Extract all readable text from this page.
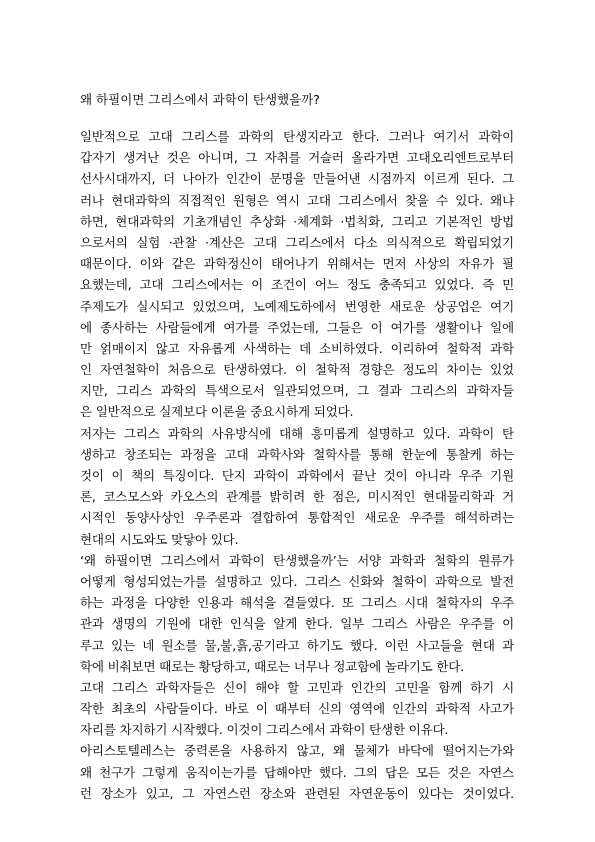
왜 하필이면 그리스에서 과학이 탄생했을까?
일반적으로 고대 그리스를 과학의 탄생지라고 한다. 그러나 여기서 과학이
갑자기 생겨난 것은 아니며, 그 자취를 거슬러 올라가면 고대오리엔트로부터
선사시대까지, 더 나아가 인간이 문명을 만들어낸 시점까지 이르게 된다. 그
러나 현대과학의 직접적인 원형은 역시 고대 그리스에서 찾을 수 있다. 왜냐
하면, 현대과학의 기초개념인 추상화 ·체계화 ·법칙화, 그리고 기본적인 방법
으로서의 실험 ·관찰 ·계산은 고대 그리스에서 다소 의식적으로 확립되었기
때문이다. 이와 같은 과학정신이 태어나기 위해서는 먼저 사상의 자유가 필
요했는데, 고대 그리스에서는 이 조건이 어느 정도 충족되고 있었다. 즉 민
주제도가 실시되고 있었으며, 노예제도하에서 번영한 새로운 상공업은 여기
에 종사하는 사람들에게 여가를 주었는데, 그들은 이 여가를 생활이나 일에
만 얽매이지 않고 자유롭게 사색하는 데 소비하였다. 이리하여 철학적 과학
인 자연철학이 처음으로 탄생하였다. 이 철학적 경향은 정도의 차이는 있었
지만, 그리스 과학의 특색으로서 일관되었으며, 그 결과 그리스의 과학자들
은 일반적으로 실제보다 이론을 중요시하게 되었다.
저자는 그리스 과학의 사유방식에 대해 흥미롭게 설명하고 있다. 과학이 탄
생하고 창조되는 과정을 고대 과학사와 철학사를 통해 한눈에 통찰케 하는
것이 이 책의 특징이다. 단지 과학이 과학에서 끝난 것이 아니라 우주 기원
론, 코스모스와 카오스의 관계를 밝히려 한 점은, 미시적인 현대물리학과 거
시적인 동양사상인 우주론과 결합하여 통합적인 새로운 우주를 해석하려는
현대의 시도와도 맞닿아 있다.
‘왜 하필이면 그리스에서 과학이 탄생했을까’는 서양 과학과 철학의 원류가
어떻게 형성되었는가를 설명하고 있다. 그리스 신화와 철학이 과학으로 발전
하는 과정을 다양한 인용과 해석을 곁들였다. 또 그리스 시대 철학자의 우주
관과 생명의 기원에 대한 인식을 알게 한다. 일부 그리스 사람은 우주를 이
루고 있는 네 원소를 물,불,흙,공기라고 하기도 했다. 이런 사고들을 현대 과
학에 비춰보면 때로는 황당하고, 때로는 너무나 정교함에 놀라기도 한다.
고대 그리스 과학자들은 신이 해야 할 고민과 인간의 고민을 함께 하기 시
작한 최초의 사람들이다. 바로 이 때부터 신의 영역에 인간의 과학적 사고가
자리를 차지하기 시작했다. 이것이 그리스에서 과학이 탄생한 이유다.
아리스토텔레스는 중력론을 사용하지 않고, 왜 물체가 바닥에 떨어지는가와
왜 천구가 그렇게 움직이는가를 답해야만 했다. 그의 답은 모든 것은 자연스
런 장소가 있고, 그 자연스런 장소와 관련된 자연운동이 있다는 것이었다.
